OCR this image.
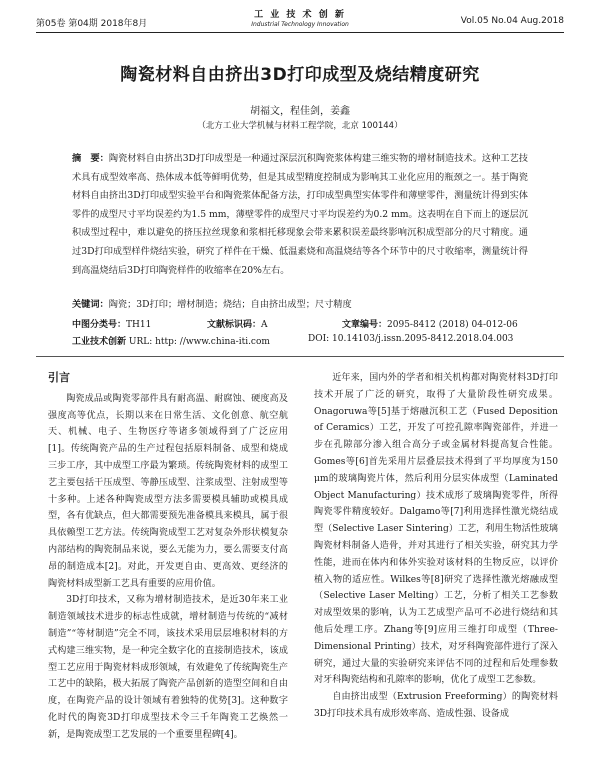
第05卷 第04期 2018年8月
工 业 技 术 创 新
Industrial Technology Innovation	Vol.05 No.04 Aug.2018
陶瓷材料自由挤出3D打印成型及烧结精度研究
胡福文，程佳剑，姜鑫
（北方工业大学机械与材料工程学院，北京 100144）
摘　要：陶瓷材料自由挤出3D打印成型是一种通过深层沉积陶瓷浆体构建三维实物的增材制造技术。这种工艺技术具有成型效率高、热体成本低等鲜明优势，但是其成型精度控制成为影响其工业化应用的瓶颈之一。基于陶瓷材料自由挤出3D打印成型实验平台和陶瓷浆体配备方法，打印成型典型实体零件和薄壁零件，测量统计得到实体零件的成型尺寸平均误差约为1.5 mm，薄壁零件的成型尺寸平均误差约为0.2 mm。这表明在自下而上的逐层沉积成型过程中，难以避免的挤压拉丝现象和浆相托移现象会带来累积误差最终影响沉积成型部分的尺寸精度。通过3D打印成型样件烧结实验，研究了样件在干燥、低温素烧和高温烧结等各个环节中的尺寸收缩率，测量统计得到高温烧结后3D打印陶瓷样件的收缩率在20%左右。
关键词：陶瓷；3D打印；增材制造；烧结；自由挤出成型；尺寸精度
中图分类号：TH11	文献标识码：A	文章编号：2095-8412 (2018) 04-012-06
工业技术创新 URL: http: //www.china-iti.com	DOI: 10.14103/j.issn.2095-8412.2018.04.003
引言

陶瓷成品或陶瓷零部件具有耐高温、耐腐蚀、硬度高及强度高等优点，长期以来在日常生活、文化创意、航空航天、机械、电子、生物医疗等诸多领域得到了广泛应用[1]。传统陶瓷产品的生产过程包括原料制备、成型和烧成三步工序，其中成型工序最为繁琐。传统陶瓷材料的成型工艺主要包括干压成型、等静压成型、注浆成型、注射成型等十多种。上述各种陶瓷成型方法多需要模具辅助或模具成型，各有优缺点，但大都需要预先准备模具来模具，属于很具依赖型工艺方法。传统陶瓷成型工艺对复杂外形状模复杂内部结构的陶瓷制品来说，要么无能为力，要么需要支付高昂的制造成本[2]。对此，开发更自由、更高效、更经济的陶瓷材料成型新工艺具有重要的应用价值。

3D打印技术，又称为增材制造技术，是近30年来工业制造领域技术进步的标志性成就，增材制造与传统的“减材制造”“等材制造”完全不同，该技术采用层层堆积材料的方式构建三维实物，是一种完全数字化的直接制造技术，该成型工艺应用于陶瓷材料成形领域，有效避免了传统陶瓷生产工艺中的缺陷，极大拓展了陶瓷产品创新的造型空间和自由度，在陶瓷产品的设计领域有着独特的优势[3]。这种数字化时代的陶瓷3D打印成型技术令三千年陶瓷工艺焕然一新，是陶瓷成型工艺发展的一个重要里程碑[4]。

近年来，国内外的学者和相关机构都对陶瓷材料3D打印技术开展了广泛的研究，取得了大量阶段性研究成果。Onagoruwa等[5]基于熔融沉积工艺（Fused Deposition of Ceramics）工艺，开发了可控孔隙率陶瓷部件，并进一步在孔隙部分渗入组合高分子或金属材料提高复合性能。Gomes等[6]首先采用片层叠层技术得到了平均厚度为150 μm的玻璃陶瓷片体，然后利用分层实体成型（Laminated Object Manufacturing）技术成形了玻璃陶瓷零件，所得陶瓷零件精度较好。Dalgamo等[7]利用选择性激光烧结成型（Selective Laser Sintering）工艺，利用生物活性玻璃陶瓷材料制备人造骨，并对其进行了相关实验，研究其力学性能，进而在体内和体外实验对该材料的生物反应，以评价植入物的适应性。Wilkes等[8]研究了选择性激光熔融成型（Selective Laser Melting）工艺，分析了相关工艺参数对成型效果的影响，认为工艺成型产品可不必进行烧结和其他后处理工序。Zhang等[9]应用三维打印成型（Three-Dimensional Printing）技术，对牙科陶瓷部件进行了深入研究，通过大量的实验研究来评估不同的过程和后处理参数对牙科陶瓷结构和孔隙率的影响，优化了成型工艺参数。

自由挤出成型（Extrusion Freeforming）的陶瓷材料3D打印技术具有成形效率高、造成性强、设备成
